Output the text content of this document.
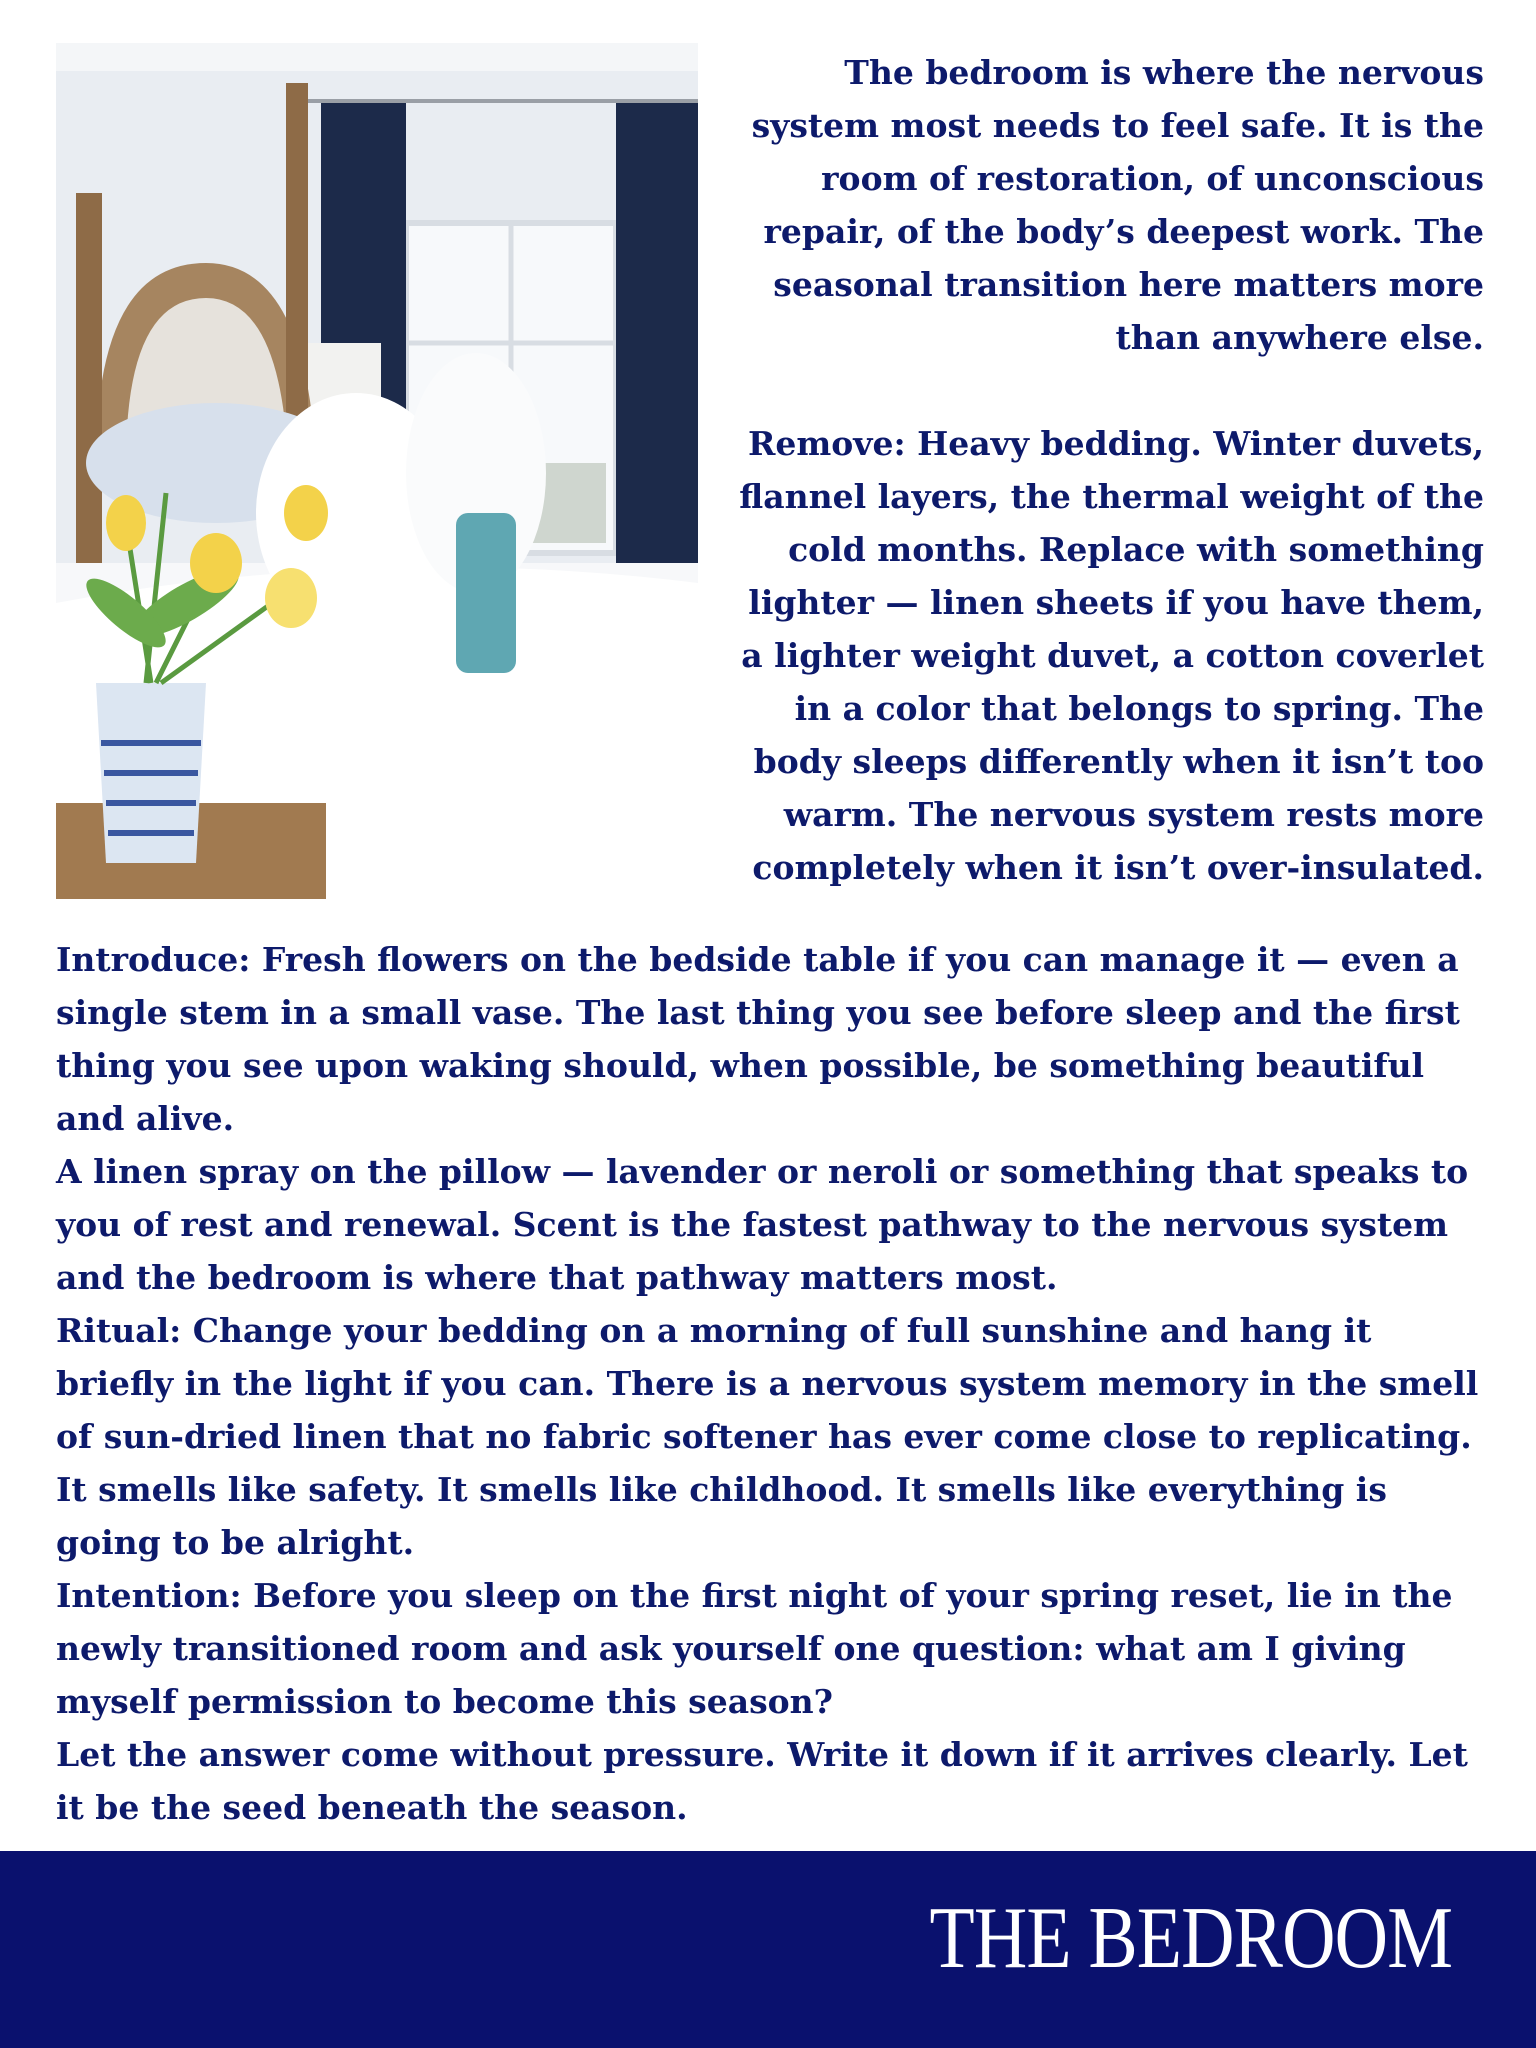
The bedroom is where the nervous system most needs to feel safe. It is the room of restoration, of unconscious repair, of the body’s deepest work. The seasonal transition here matters more than anywhere else.

Remove: Heavy bedding. Winter duvets, flannel layers, the thermal weight of the cold months. Replace with something lighter — linen sheets if you have them, a lighter weight duvet, a cotton coverlet in a color that belongs to spring. The body sleeps differently when it isn’t too warm. The nervous system rests more completely when it isn’t over-insulated.

Introduce: Fresh flowers on the bedside table if you can manage it — even a single stem in a small vase. The last thing you see before sleep and the first thing you see upon waking should, when possible, be something beautiful and alive.

A linen spray on the pillow — lavender or neroli or something that speaks to you of rest and renewal. Scent is the fastest pathway to the nervous system and the bedroom is where that pathway matters most.

Ritual: Change your bedding on a morning of full sunshine and hang it briefly in the light if you can. There is a nervous system memory in the smell of sun-dried linen that no fabric softener has ever come close to replicating. It smells like safety. It smells like childhood. It smells like everything is going to be alright.

Intention: Before you sleep on the first night of your spring reset, lie in the newly transitioned room and ask yourself one question: what am I giving myself permission to become this season?

Let the answer come without pressure. Write it down if it arrives clearly. Let it be the seed beneath the season.

THE BEDROOM
